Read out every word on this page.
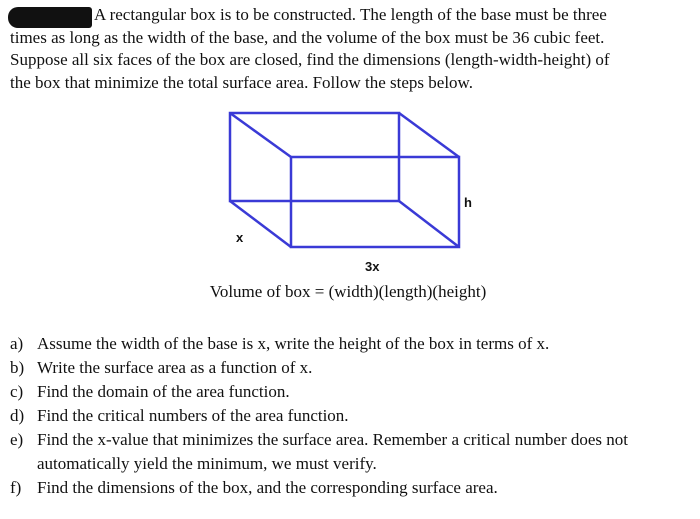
A rectangular box is to be constructed. The length of the base must be three
times as long as the width of the base, and the volume of the box must be 36 cubic feet.
Suppose all six faces of the box are closed, find the dimensions (length-width-height) of
the box that minimize the total surface area. Follow the steps below.

x
h
3x

Volume of box = (width)(length)(height)

a) Assume the width of the base is x, write the height of the box in terms of x.
b) Write the surface area as a function of x.
c) Find the domain of the area function.
d) Find the critical numbers of the area function.
e) Find the x-value that minimizes the surface area. Remember a critical number does not automatically yield the minimum, we must verify.
f) Find the dimensions of the box, and the corresponding surface area.
